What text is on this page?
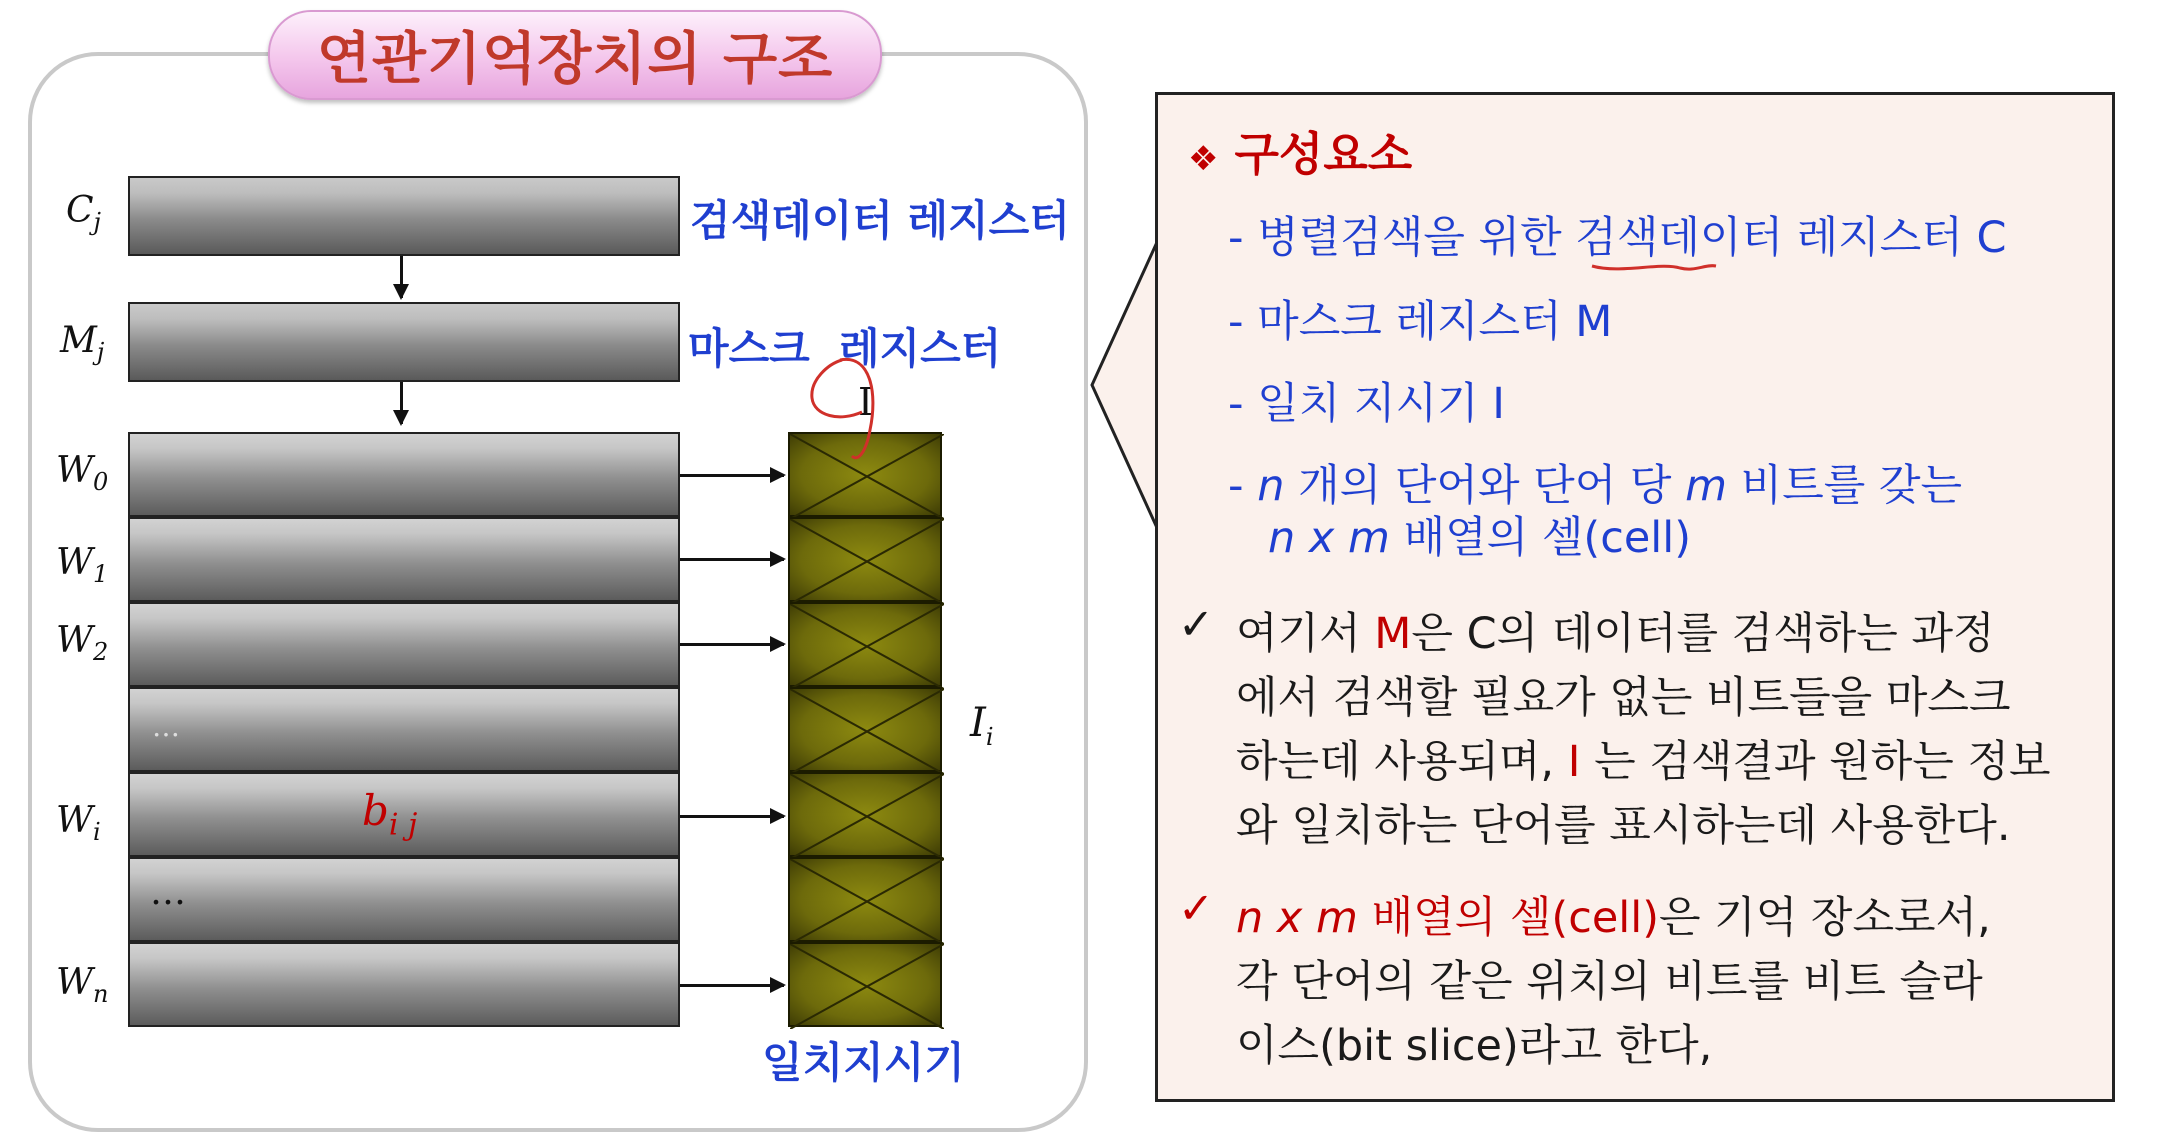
연관기억장치의 구조
$C_j$	검색데이터 레지스터
$M_j$	마스크  레지스터
$W_0$
$W_1$
$W_2$
…
$W_i$
…
$W_n$
$b_{i j}$
I
$I_i$
일치지시기
❖ 구성요소
- 병렬검색을 위한 검색데이터 레지스터 C
- 마스크 레지스터 M
- 일치 지시기 I
- n 개의 단어와 단어 당 m 비트를 갖는
n x m 배열의 셀(cell)
✓ 여기서 M은 C의 데이터를 검색하는 과정
에서 검색할 필요가 없는 비트들을 마스크
하는데 사용되며, I 는 검색결과 원하는 정보
와 일치하는 단어를 표시하는데 사용한다.
✓ n x m 배열의 셀(cell)은 기억 장소로서,
각 단어의 같은 위치의 비트를 비트 슬라
이스(bit slice)라고 한다,
